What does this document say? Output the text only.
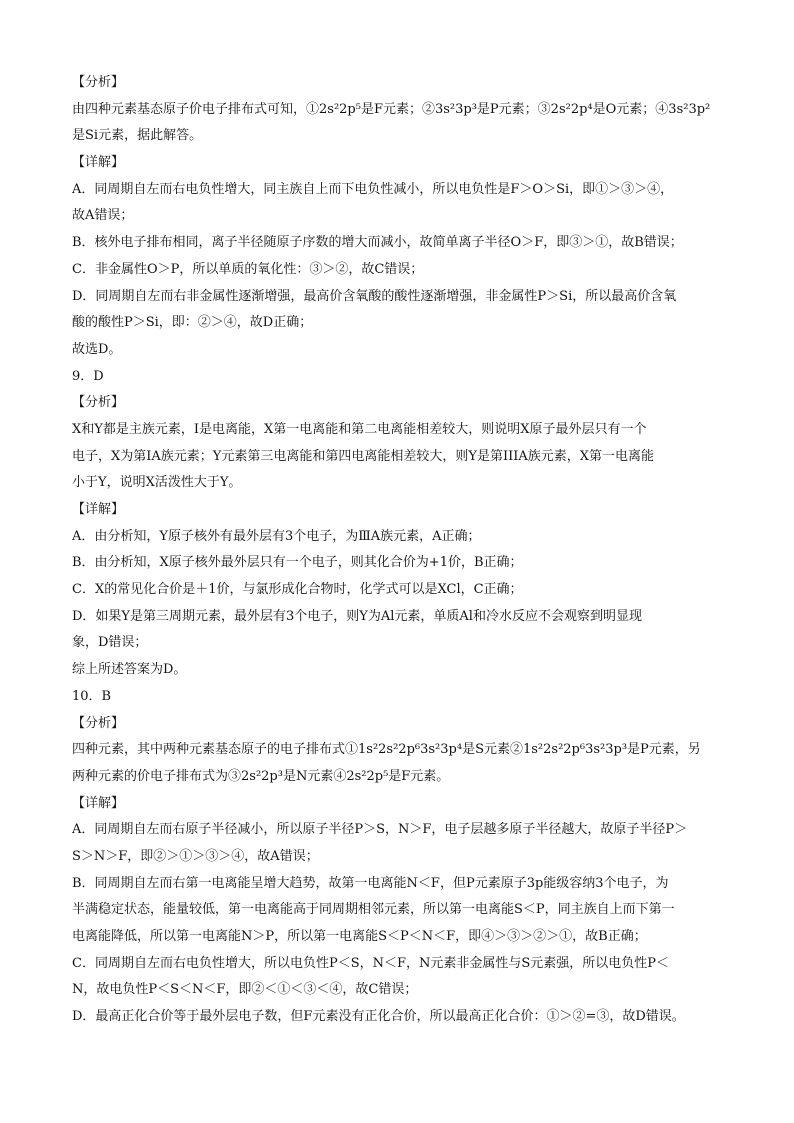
【分析】
由四种元素基态原子价电子排布式可知，①2s²2p⁵是F元素；②3s²3p³是P元素；③2s²2p⁴是O元素；④3s²3p²
是Si元素，据此解答。
【详解】
A．同周期自左而右电负性增大，同主族自上而下电负性减小，所以电负性是F＞O＞Si，即①＞③＞④，
故A错误；
B．核外电子排布相同，离子半径随原子序数的增大而减小，故简单离子半径O＞F，即③＞①，故B错误；
C．非金属性O＞P，所以单质的氧化性：③＞②，故C错误；
D．同周期自左而右非金属性逐渐增强，最高价含氧酸的酸性逐渐增强，非金属性P＞Si，所以最高价含氧
酸的酸性P＞Si，即：②＞④，故D正确；
故选D。
9．D
【分析】
X和Y都是主族元素，I是电离能，X第一电离能和第二电离能相差较大，则说明X原子最外层只有一个
电子，X为第IA族元素；Y元素第三电离能和第四电离能相差较大，则Y是第IIIA族元素，X第一电离能
小于Y，说明X活泼性大于Y。
【详解】
A．由分析知，Y原子核外有最外层有3个电子，为ⅢA族元素，A正确；
B．由分析知，X原子核外最外层只有一个电子，则其化合价为+1价，B正确；
C．X的常见化合价是＋1价，与氯形成化合物时，化学式可以是XCl，C正确；
D．如果Y是第三周期元素，最外层有3个电子，则Y为Al元素，单质Al和冷水反应不会观察到明显现
象，D错误；
综上所述答案为D。
10．B
【分析】
四种元素，其中两种元素基态原子的电子排布式①1s²2s²2p⁶3s²3p⁴是S元素②1s²2s²2p⁶3s²3p³是P元素，另
两种元素的价电子排布式为③2s²2p³是N元素④2s²2p⁵是F元素。
【详解】
A．同周期自左而右原子半径减小，所以原子半径P＞S，N＞F，电子层越多原子半径越大，故原子半径P＞
S＞N＞F，即②＞①＞③＞④，故A错误；
B．同周期自左而右第一电离能呈增大趋势，故第一电离能N＜F，但P元素原子3p能级容纳3个电子，为
半满稳定状态，能量较低，第一电离能高于同周期相邻元素，所以第一电离能S＜P，同主族自上而下第一
电离能降低，所以第一电离能N＞P，所以第一电离能S＜P＜N＜F，即④＞③＞②＞①，故B正确；
C．同周期自左而右电负性增大，所以电负性P＜S，N＜F，N元素非金属性与S元素强，所以电负性P＜
N，故电负性P＜S＜N＜F，即②＜①＜③＜④，故C错误；
D．最高正化合价等于最外层电子数，但F元素没有正化合价，所以最高正化合价：①＞②=③，故D错误。
